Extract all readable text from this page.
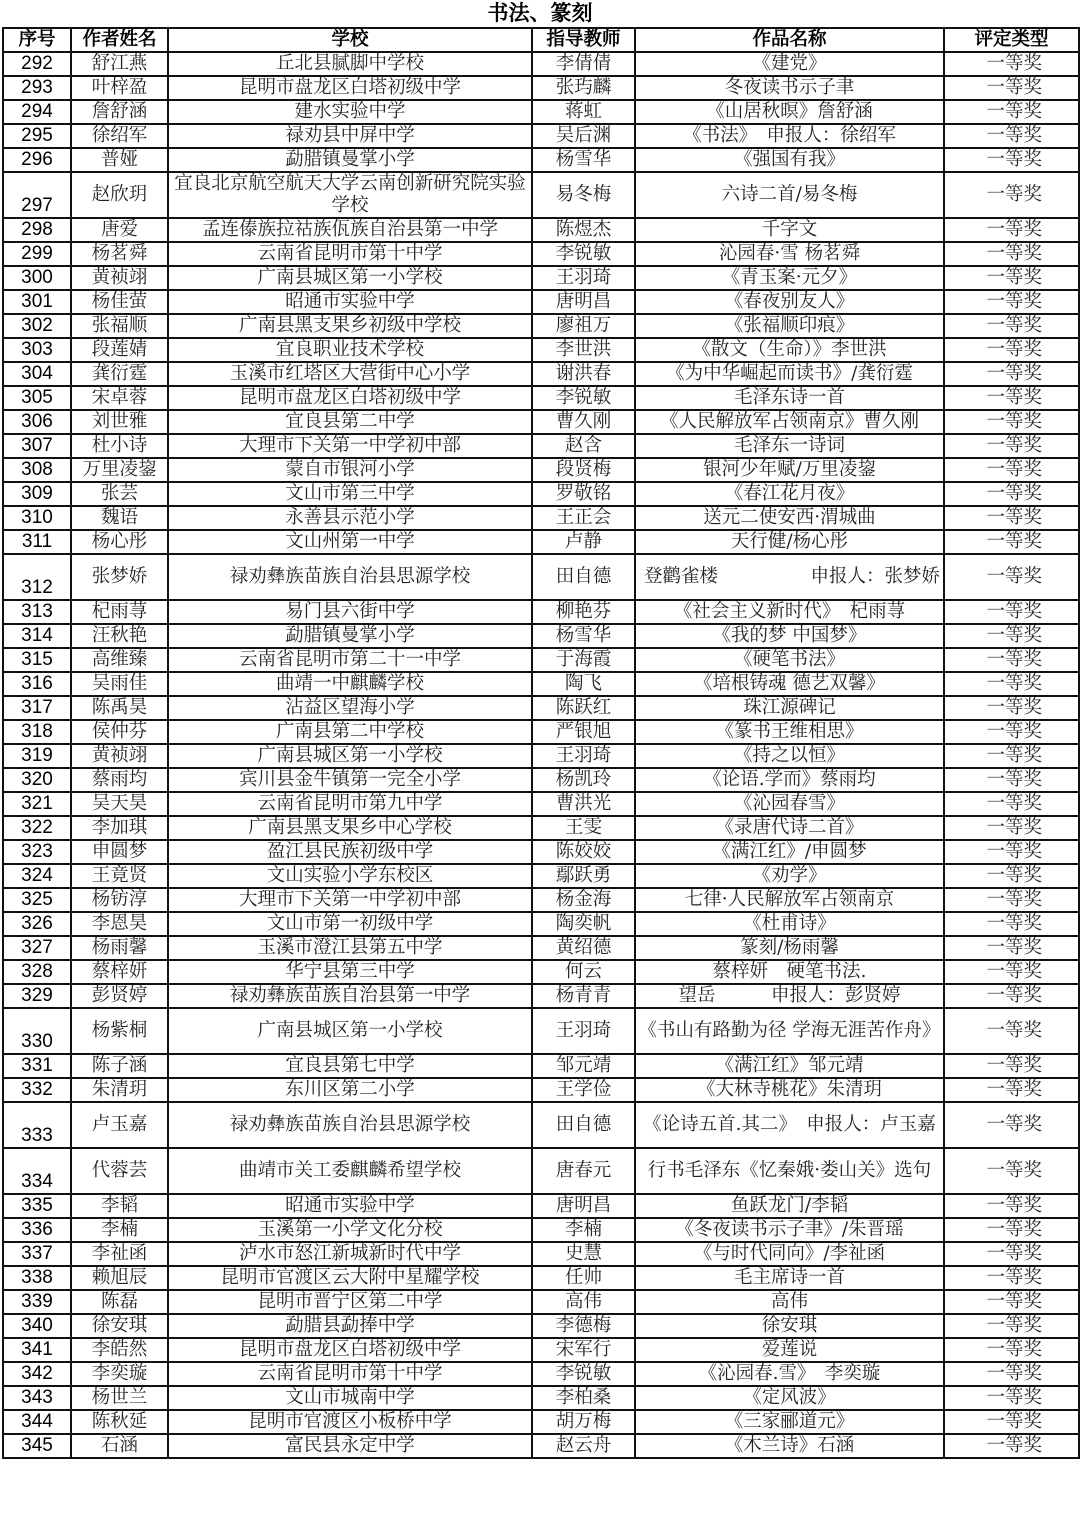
书法、篆刻
序号	作者姓名	学校	指导教师	作品名称	评定类型
292	舒江燕	丘北县腻脚中学校	李倩倩	《建党》	一等奖
293	叶梓盈	昆明市盘龙区白塔初级中学	张玙麟	冬夜读书示子聿	一等奖
294	詹舒涵	建水实验中学	蒋虹	《山居秋暝》詹舒涵	一等奖
295	徐绍军	禄劝县中屏中学	吴后渊	《书法》　申报人：徐绍军	一等奖
296	普娅	勐腊镇曼掌小学	杨雪华	《强国有我》	一等奖
297	赵欣玥	宜良北京航空航天大学云南创新研究院实验学校	易冬梅	六诗二首/易冬梅	一等奖
298	唐爱	孟连傣族拉祜族佤族自治县第一中学	陈煜杰	千字文	一等奖
299	杨茗舜	云南省昆明市第十中学	李锐敏	沁园春·雪 杨茗舜	一等奖
300	黄祯翊	广南县城区第一小学校	王羽琦	《青玉案·元夕》	一等奖
301	杨佳萤	昭通市实验中学	唐明昌	《春夜别友人》	一等奖
302	张福顺	广南县黑支果乡初级中学校	廖祖万	《张福顺印痕》	一等奖
303	段莲婧	宜良职业技术学校	李世洪	《散文（生命）》李世洪	一等奖
304	龚衍霆	玉溪市红塔区大营街中心小学	谢洪春	《为中华崛起而读书》/龚衍霆	一等奖
305	宋卓蓉	昆明市盘龙区白塔初级中学	李锐敏	毛泽东诗一首	一等奖
306	刘世雅	宜良县第二中学	曹久刚	《人民解放军占领南京》曹久刚	一等奖
307	杜小诗	大理市下关第一中学初中部	赵含	毛泽东一诗词	一等奖
308	万里凌鋆	蒙自市银河小学	段贤梅	银河少年赋/万里凌鋆	一等奖
309	张芸	文山市第三中学	罗敬铭	《春江花月夜》	一等奖
310	魏语	永善县示范小学	王正会	送元二使安西·渭城曲	一等奖
311	杨心彤	文山州第一中学	卢静	天行健/杨心彤	一等奖
312	张梦娇	禄劝彝族苗族自治县思源学校	田自德	登鹳雀楼　　　　　申报人：张梦娇	一等奖
313	杞雨荨	易门县六街中学	柳艳芬	《社会主义新时代》　杞雨荨	一等奖
314	汪秋艳	勐腊镇曼掌小学	杨雪华	《我的梦 中国梦》	一等奖
315	高维臻	云南省昆明市第二十一中学	于海霞	《硬笔书法》	一等奖
316	吴雨佳	曲靖一中麒麟学校	陶飞	《培根铸魂 德艺双馨》	一等奖
317	陈禹昊	沾益区望海小学	陈跃红	珠江源碑记	一等奖
318	侯仲芬	广南县第二中学校	严银旭	《篆书王维相思》	一等奖
319	黄祯翊	广南县城区第一小学校	王羽琦	《持之以恒》	一等奖
320	蔡雨均	宾川县金牛镇第一完全小学	杨凯玲	《论语.学而》蔡雨均	一等奖
321	吴天昊	云南省昆明市第九中学	曹洪光	《沁园春雪》	一等奖
322	李加琪	广南县黑支果乡中心学校	王雯	《录唐代诗二首》	一等奖
323	申圆梦	盈江县民族初级中学	陈姣姣	《满江红》/申圆梦	一等奖
324	王竟贤	文山实验小学东校区	鄢跃勇	《劝学》	一等奖
325	杨钫淳	大理市下关第一中学初中部	杨金海	七律·人民解放军占领南京	一等奖
326	李恩昊	文山市第一初级中学	陶奕帆	《杜甫诗》	一等奖
327	杨雨馨	玉溪市澄江县第五中学	黄绍德	篆刻/杨雨馨	一等奖
328	蔡梓妍	华宁县第三中学	何云	蔡梓妍　硬笔书法.	一等奖
329	彭贤婷	禄劝彝族苗族自治县第一中学	杨青青	望岳　　　申报人：彭贤婷	一等奖
330	杨紫桐	广南县城区第一小学校	王羽琦	《书山有路勤为径 学海无涯苦作舟》	一等奖
331	陈子涵	宜良县第七中学	邹元靖	《满江红》邹元靖	一等奖
332	朱清玥	东川区第二小学	王学俭	《大林寺桃花》朱清玥	一等奖
333	卢玉嘉	禄劝彝族苗族自治县思源学校	田自德	《论诗五首.其二》　申报人：卢玉嘉	一等奖
334	代蓉芸	曲靖市关工委麒麟希望学校	唐春元	行书毛泽东《忆秦娥·娄山关》选句	一等奖
335	李韬	昭通市实验中学	唐明昌	鱼跃龙门/李韬	一等奖
336	李楠	玉溪第一小学文化分校	李楠	《冬夜读书示子聿》/朱晋瑶	一等奖
337	李祉函	泸水市怒江新城新时代中学	史慧	《与时代同向》/李祉函	一等奖
338	赖旭辰	昆明市官渡区云大附中星耀学校	任帅	毛主席诗一首	一等奖
339	陈磊	昆明市晋宁区第二中学	高伟	高伟	一等奖
340	徐安琪	勐腊县勐捧中学	李德梅	徐安琪	一等奖
341	李皓然	昆明市盘龙区白塔初级中学	宋军行	爱莲说	一等奖
342	李奕璇	云南省昆明市第十中学	李锐敏	《沁园春.雪》　李奕璇	一等奖
343	杨世兰	文山市城南中学	李柏桑	《定风波》	一等奖
344	陈秋延	昆明市官渡区小板桥中学	胡万梅	《三家郦道元》	一等奖
345	石涵	富民县永定中学	赵云舟	《木兰诗》石涵	一等奖
